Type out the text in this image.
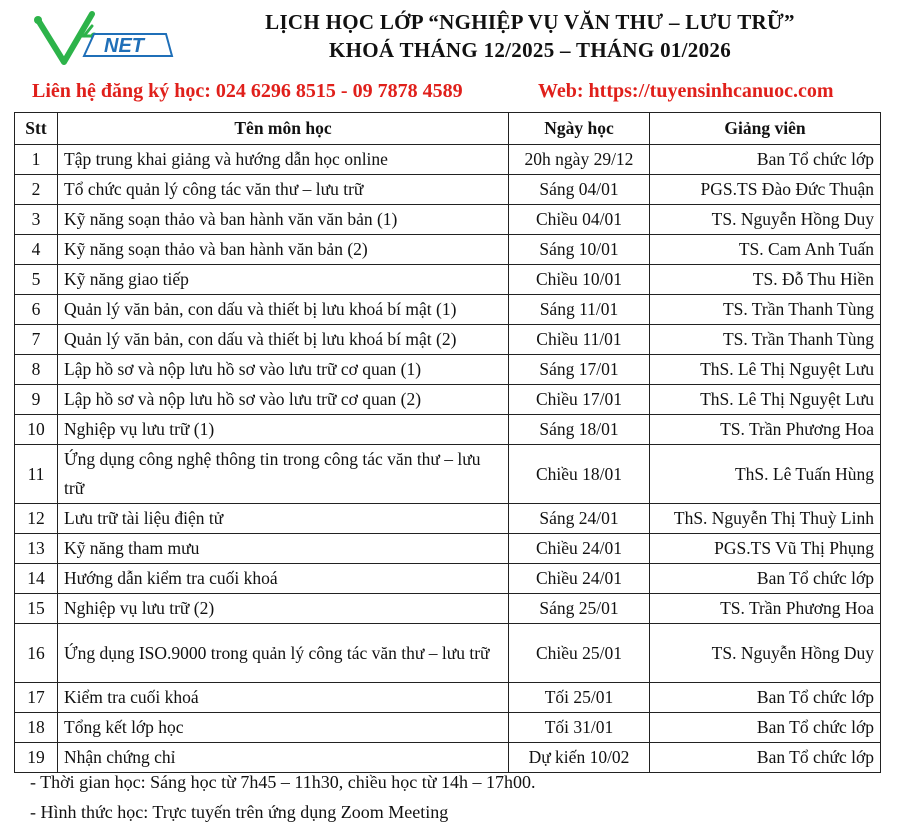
NET
LỊCH HỌC LỚP “NGHIỆP VỤ VĂN THƯ – LƯU TRỮ”
KHOÁ THÁNG 12/2025 – THÁNG 01/2026
Liên hệ đăng ký học: 024 6296 8515 - 09 7878 4589	Web: https://tuyensinhcanuoc.com
Stt	Tên môn học	Ngày học	Giảng viên
1	Tập trung khai giảng và hướng dẫn học online	20h ngày 29/12	Ban Tổ chức lớp
2	Tổ chức quản lý công tác văn thư – lưu trữ	Sáng 04/01	PGS.TS Đào Đức Thuận
3	Kỹ năng soạn thảo và ban hành văn văn bản (1)	Chiều 04/01	TS. Nguyễn Hồng Duy
4	Kỹ năng soạn thảo và ban hành văn bản (2)	Sáng 10/01	TS. Cam Anh Tuấn
5	Kỹ năng giao tiếp	Chiều 10/01	TS. Đỗ Thu Hiền
6	Quản lý văn bản, con dấu và thiết bị lưu khoá bí mật (1)	Sáng 11/01	TS. Trần Thanh Tùng
7	Quản lý văn bản, con dấu và thiết bị lưu khoá bí mật (2)	Chiều 11/01	TS. Trần Thanh Tùng
8	Lập hồ sơ và nộp lưu hồ sơ vào lưu trữ cơ quan (1)	Sáng 17/01	ThS. Lê Thị Nguyệt Lưu
9	Lập hồ sơ và nộp lưu hồ sơ vào lưu trữ cơ quan (2)	Chiều 17/01	ThS. Lê Thị Nguyệt Lưu
10	Nghiệp vụ lưu trữ (1)	Sáng 18/01	TS. Trần Phương Hoa
11	Ứng dụng công nghệ thông tin trong công tác văn thư – lưu trữ	Chiều 18/01	ThS. Lê Tuấn Hùng
12	Lưu trữ tài liệu điện tử	Sáng 24/01	ThS. Nguyễn Thị Thuỳ Linh
13	Kỹ năng tham mưu	Chiều 24/01	PGS.TS Vũ Thị Phụng
14	Hướng dẫn kiểm tra cuối khoá	Chiều 24/01	Ban Tổ chức lớp
15	Nghiệp vụ lưu trữ (2)	Sáng 25/01	TS. Trần Phương Hoa
16	Ứng dụng ISO.9000 trong quản lý công tác văn thư – lưu trữ	Chiều 25/01	TS. Nguyễn Hồng Duy
17	Kiểm tra cuối khoá	Tối 25/01	Ban Tổ chức lớp
18	Tổng kết lớp học	Tối 31/01	Ban Tổ chức lớp
19	Nhận chứng chỉ	Dự kiến 10/02	Ban Tổ chức lớp
- Thời gian học: Sáng học từ 7h45 – 11h30, chiều học từ 14h – 17h00.
- Hình thức học: Trực tuyến trên ứng dụng Zoom Meeting
